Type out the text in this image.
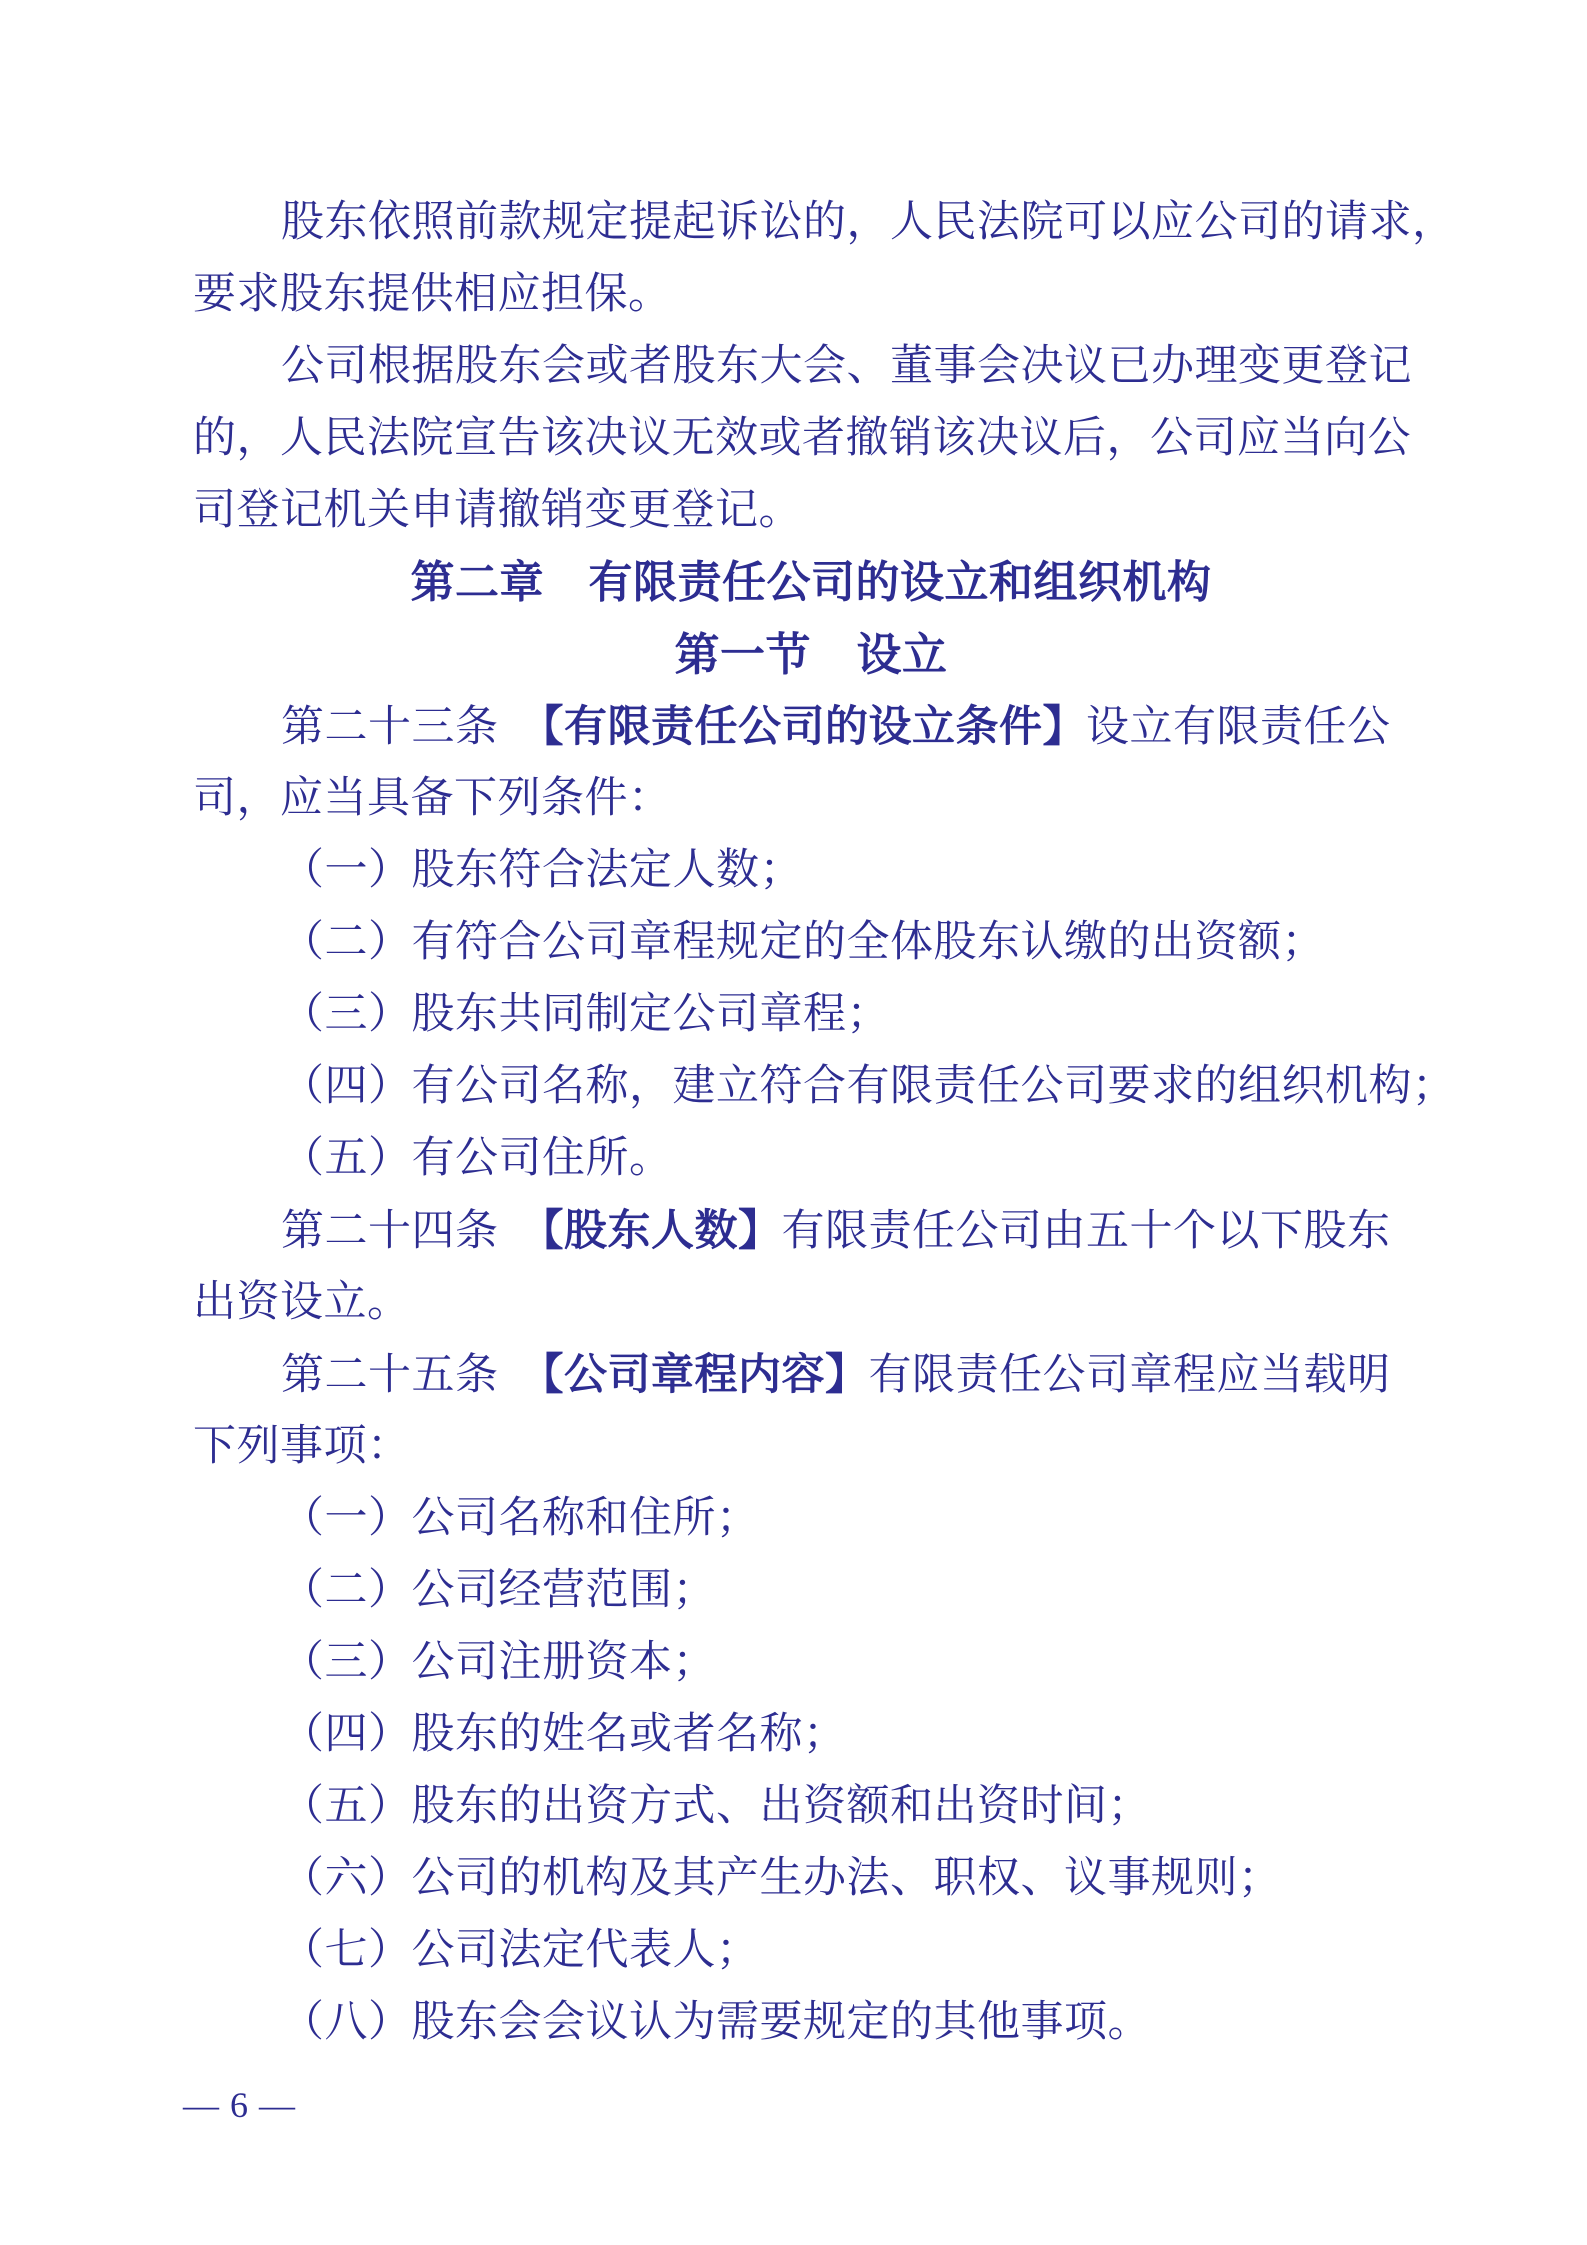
股东依照前款规定提起诉讼的，人民法院可以应公司的请求，
要求股东提供相应担保。
公司根据股东会或者股东大会、董事会决议已办理变更登记
的，人民法院宣告该决议无效或者撤销该决议后，公司应当向公
司登记机关申请撤销变更登记。
第二章　有限责任公司的设立和组织机构
第一节　设立
第二十三条　【有限责任公司的设立条件】设立有限责任公
司，应当具备下列条件：
（一）股东符合法定人数；
（二）有符合公司章程规定的全体股东认缴的出资额；
（三）股东共同制定公司章程；
（四）有公司名称，建立符合有限责任公司要求的组织机构；
（五）有公司住所。
第二十四条　【股东人数】有限责任公司由五十个以下股东
出资设立。
第二十五条　【公司章程内容】有限责任公司章程应当载明
下列事项：
（一）公司名称和住所；
（二）公司经营范围；
（三）公司注册资本；
（四）股东的姓名或者名称；
（五）股东的出资方式、出资额和出资时间；
（六）公司的机构及其产生办法、职权、议事规则；
（七）公司法定代表人；
（八）股东会会议认为需要规定的其他事项。
— 6 —
